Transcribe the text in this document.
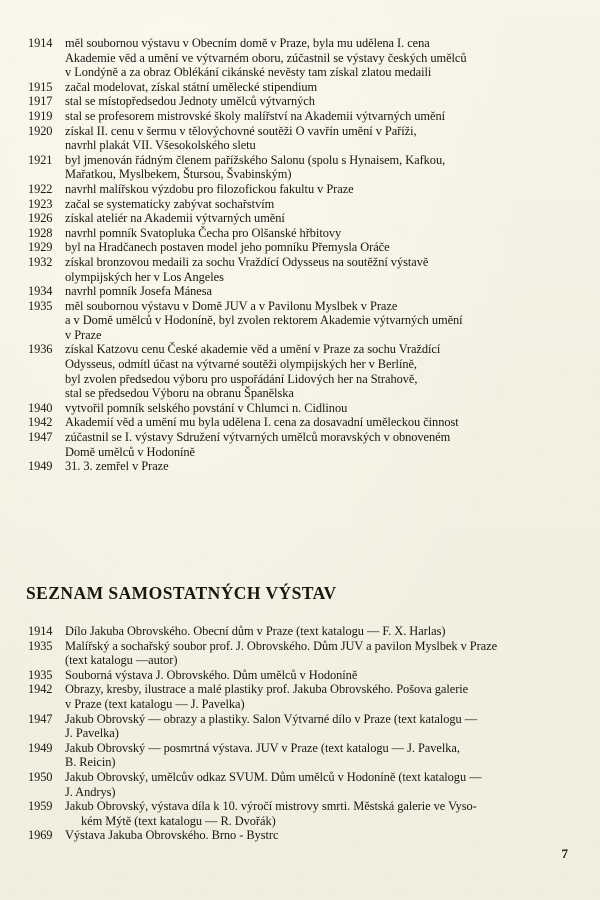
1914	měl soubornou výstavu v Obecním domě v Praze, byla mu udělena I. cena
Akademie věd a umění ve výtvarném oboru, zúčastnil se výstavy českých umělců
v Londýně a za obraz Oblékání cikánské nevěsty tam získal zlatou medaili
1915	začal modelovat, získal státní umělecké stipendium
1917	stal se místopředsedou Jednoty umělců výtvarných
1919	stal se profesorem mistrovské školy malířství na Akademii výtvarných umění
1920	získal II. cenu v šermu v tělovýchovné soutěži O vavřín umění v Paříži,
navrhl plakát VII. Všesokolského sletu
1921	byl jmenován řádným členem pařížského Salonu (spolu s Hynaisem, Kafkou,
Mařatkou, Myslbekem, Štursou, Švabinským)
1922	navrhl malířskou výzdobu pro filozofickou fakultu v Praze
1923	začal se systematicky zabývat sochařstvím
1926	získal ateliér na Akademii výtvarných umění
1928	navrhl pomník Svatopluka Čecha pro Olšanské hřbitovy
1929	byl na Hradčanech postaven model jeho pomníku Přemysla Oráče
1932	získal bronzovou medaili za sochu Vraždící Odysseus na soutěžní výstavě
olympijských her v Los Angeles
1934	navrhl pomník Josefa Mánesa
1935	měl soubornou výstavu v Domě JUV a v Pavilonu Myslbek v Praze
a v Domě umělců v Hodoníně, byl zvolen rektorem Akademie výtvarných umění
v Praze
1936	získal Katzovu cenu České akademie věd a umění v Praze za sochu Vraždící
Odysseus, odmítl účast na výtvarné soutěži olympijských her v Berlíně,
byl zvolen předsedou výboru pro uspořádání Lidových her na Strahově,
stal se předsedou Výboru na obranu Španělska
1940	vytvořil pomník selského povstání v Chlumci n. Cidlinou
1942	Akademií věd a umění mu byla udělena I. cena za dosavadní uměleckou činnost
1947	zúčastnil se I. výstavy Sdružení výtvarných umělců moravských v obnoveném
Domě umělců v Hodoníně
1949	31. 3. zemřel v Praze
SEZNAM SAMOSTATNÝCH VÝSTAV
1914	Dílo Jakuba Obrovského. Obecní dům v Praze (text katalogu — F. X. Harlas)
1935	Malířský a sochařský soubor prof. J. Obrovského. Dům JUV a pavilon Myslbek v Praze
(text katalogu —autor)
1935	Souborná výstava J. Obrovského. Dům umělců v Hodoníně
1942	Obrazy, kresby, ilustrace a malé plastiky prof. Jakuba Obrovského. Pošova galerie
v Praze (text katalogu — J. Pavelka)
1947	Jakub Obrovský — obrazy a plastiky. Salon Výtvarné dílo v Praze (text katalogu —
J. Pavelka)
1949	Jakub Obrovský — posmrtná výstava. JUV v Praze (text katalogu — J. Pavelka,
B. Reicin)
1950	Jakub Obrovský, umělcův odkaz SVUM. Dům umělců v Hodoníně (text katalogu —
J. Andrys)
1959	Jakub Obrovský, výstava díla k 10. výročí mistrovy smrti. Městská galerie ve Vyso-
kém Mýtě (text katalogu — R. Dvořák)
1969	Výstava Jakuba Obrovského. Brno - Bystrc
7
